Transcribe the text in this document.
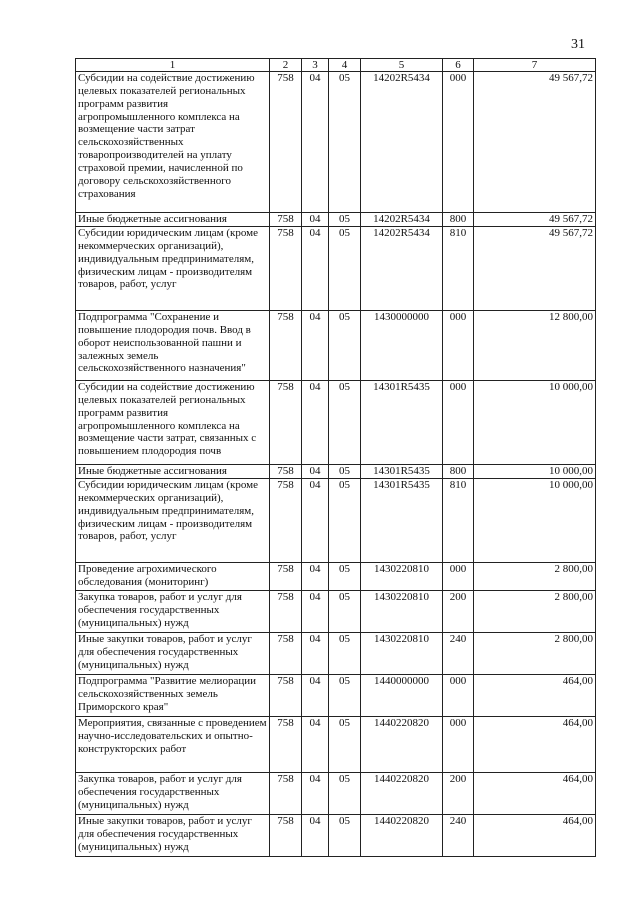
31
1	2	3	4	5	6	7
Субсидии на содействие достижению целевых показателей региональных программ развития агропромышленного комплекса на возмещение части затрат сельскохозяйственных товаропроизводителей на уплату страховой премии, начисленной по договору сельскохозяйственного страхования	758	04	05	14202R5434	000	49 567,72
Иные бюджетные ассигнования	758	04	05	14202R5434	800	49 567,72
Субсидии юридическим лицам (кроме некоммерческих организаций), индивидуальным предпринимателям, физическим лицам - производителям товаров, работ, услуг	758	04	05	14202R5434	810	49 567,72
Подпрограмма "Сохранение и повышение плодородия почв. Ввод в оборот неиспользованной пашни и залежных земель сельскохозяйственного назначения"	758	04	05	1430000000	000	12 800,00
Субсидии на содействие достижению целевых показателей региональных программ развития агропромышленного комплекса на возмещение части затрат, связанных с повышением плодородия почв	758	04	05	14301R5435	000	10 000,00
Иные бюджетные ассигнования	758	04	05	14301R5435	800	10 000,00
Субсидии юридическим лицам (кроме некоммерческих организаций), индивидуальным предпринимателям, физическим лицам - производителям товаров, работ, услуг	758	04	05	14301R5435	810	10 000,00
Проведение агрохимического обследования (мониторинг)	758	04	05	1430220810	000	2 800,00
Закупка товаров, работ и услуг для обеспечения государственных (муниципальных) нужд	758	04	05	1430220810	200	2 800,00
Иные закупки товаров, работ и услуг для обеспечения государственных (муниципальных) нужд	758	04	05	1430220810	240	2 800,00
Подпрограмма "Развитие мелиорации сельскохозяйственных земель Приморского края"	758	04	05	1440000000	000	464,00
Мероприятия, связанные с проведением научно-исследовательских и опытно-конструкторских работ	758	04	05	1440220820	000	464,00
Закупка товаров, работ и услуг для обеспечения государственных (муниципальных) нужд	758	04	05	1440220820	200	464,00
Иные закупки товаров, работ и услуг для обеспечения государственных (муниципальных) нужд	758	04	05	1440220820	240	464,00
